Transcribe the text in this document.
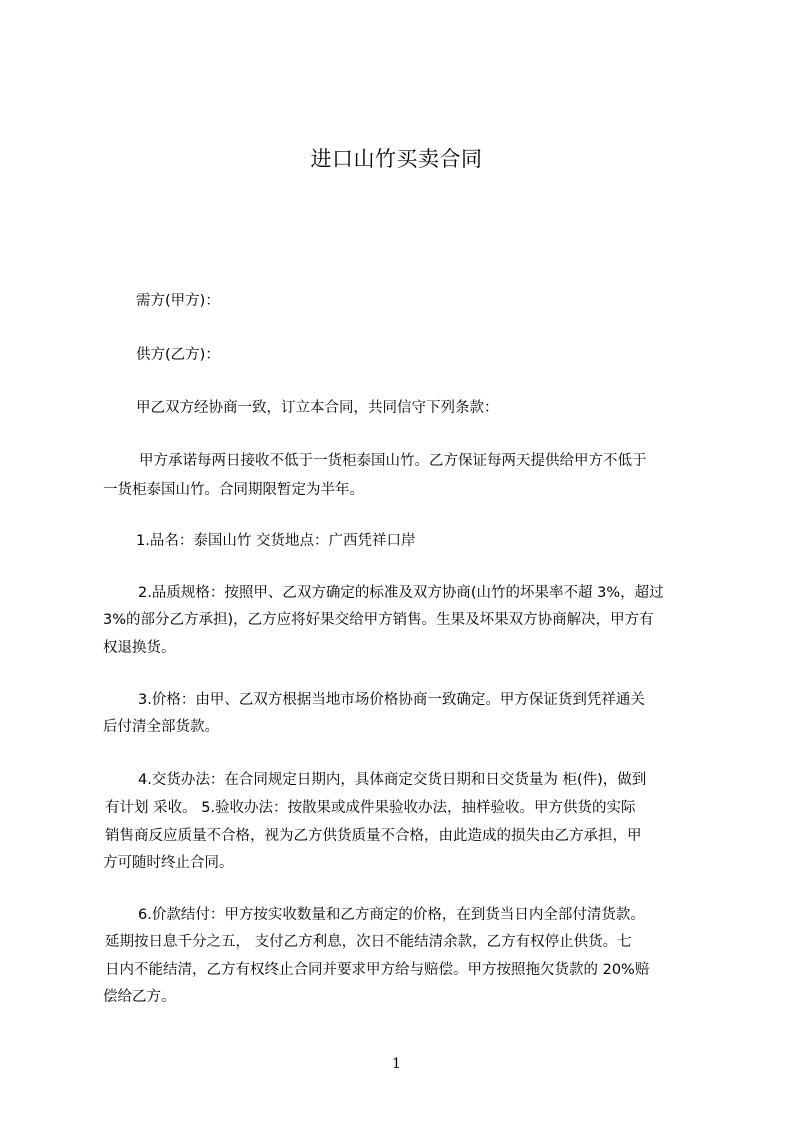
进口山竹买卖合同
需方(甲方)：
供方(乙方)：
甲乙双方经协商一致，订立本合同，共同信守下列条款：
甲方承诺每两日接收不低于一货柜泰国山竹。乙方保证每两天提供给甲方不低于
一货柜泰国山竹。合同期限暂定为半年。
1.品名：泰国山竹 交货地点：广西凭祥口岸
2.品质规格：按照甲、乙双方确定的标准及双方协商(山竹的坏果率不超 3%，超过
3%的部分乙方承担)，乙方应将好果交给甲方销售。生果及坏果双方协商解决，甲方有
权退换货。
3.价格：由甲、乙双方根据当地市场价格协商一致确定。甲方保证货到凭祥通关
后付清全部货款。
4.交货办法：在合同规定日期内，具体商定交货日期和日交货量为 柜(件)，做到
有计划 采收。 5.验收办法：按散果或成件果验收办法，抽样验收。甲方供货的实际
销售商反应质量不合格，视为乙方供货质量不合格，由此造成的损失由乙方承担，甲
方可随时终止合同。
6.价款结付：甲方按实收数量和乙方商定的价格，在到货当日内全部付清货款。
延期按日息千分之五， 支付乙方利息，次日不能结清余款，乙方有权停止供货。七
日内不能结清，乙方有权终止合同并要求甲方给与赔偿。甲方按照拖欠货款的 20%赔
偿给乙方。
1
